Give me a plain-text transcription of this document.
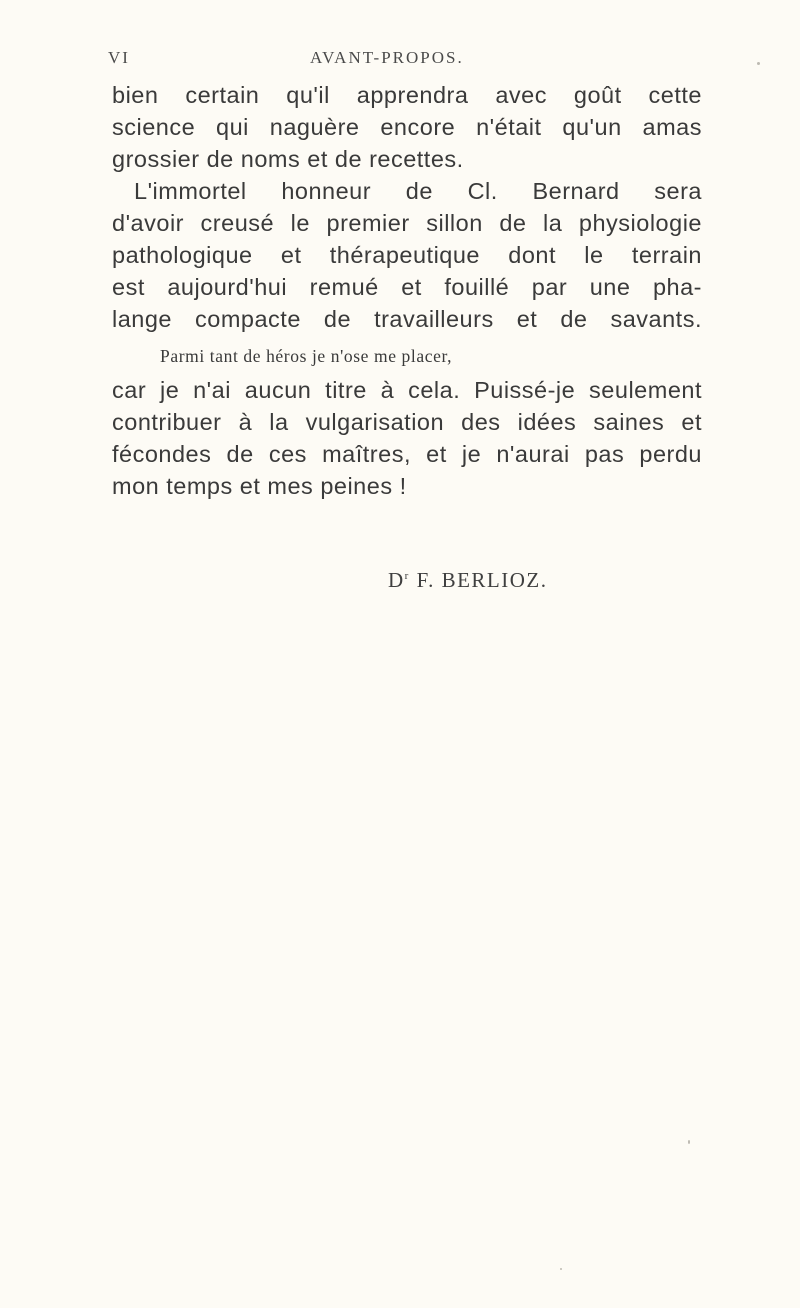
VI	AVANT-PROPOS.
bien certain qu'il apprendra avec goût cette
science qui naguère encore n'était qu'un amas
grossier de noms et de recettes.
L'immortel honneur de Cl. Bernard sera
d'avoir creusé le premier sillon de la physiologie
pathologique et thérapeutique dont le terrain
est aujourd'hui remué et fouillé par une pha-
lange compacte de travailleurs et de savants.
Parmi tant de héros je n'ose me placer,
car je n'ai aucun titre à cela. Puissé-je seulement
contribuer à la vulgarisation des idées saines et
fécondes de ces maîtres, et je n'aurai pas perdu
mon temps et mes peines !
$D^r$ F. BERLIOZ.
